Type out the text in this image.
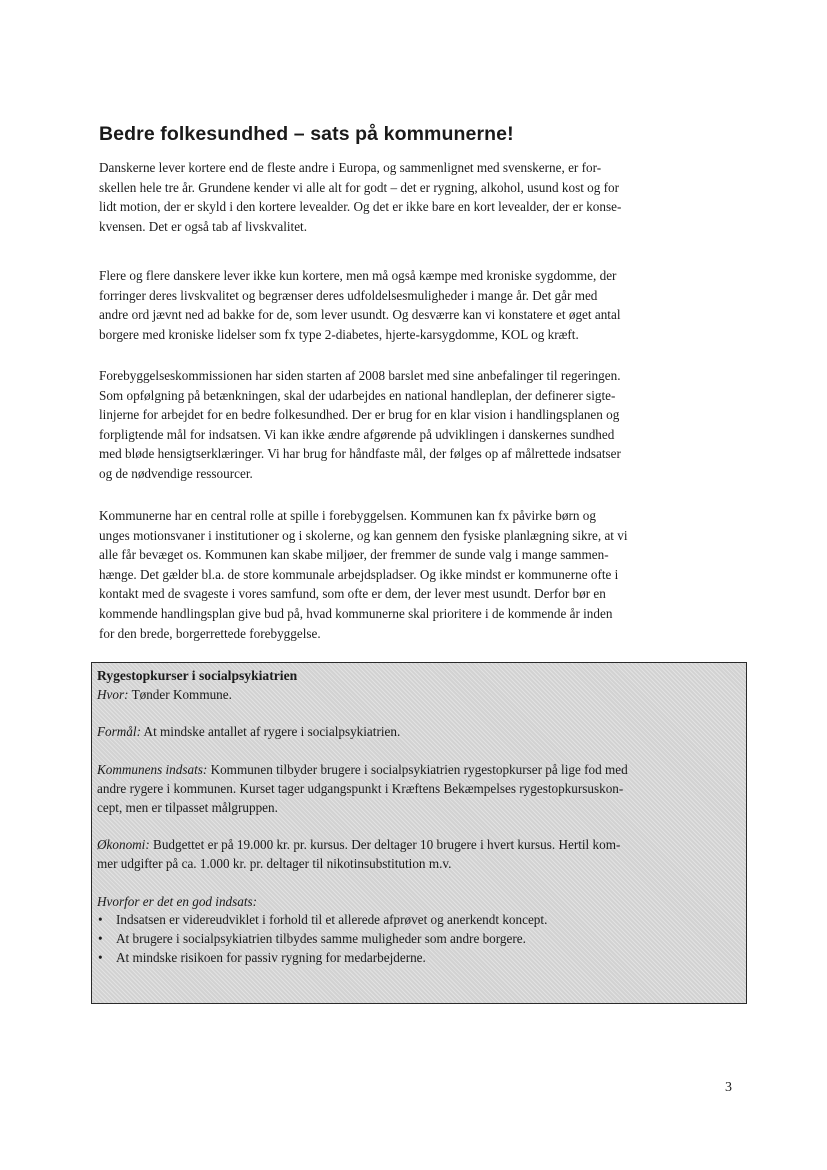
Bedre folkesundhed – sats på kommunerne!

Danskerne lever kortere end de fleste andre i Europa, og sammenlignet med svenskerne, er for-
skellen hele tre år. Grundene kender vi alle alt for godt – det er rygning, alkohol, usund kost og for
lidt motion, der er skyld i den kortere levealder. Og det er ikke bare en kort levealder, der er konse-
kvensen. Det er også tab af livskvalitet.

Flere og flere danskere lever ikke kun kortere, men må også kæmpe med kroniske sygdomme, der
forringer deres livskvalitet og begrænser deres udfoldelsesmuligheder i mange år. Det går med
andre ord jævnt ned ad bakke for de, som lever usundt. Og desværre kan vi konstatere et øget antal
borgere med kroniske lidelser som fx type 2-diabetes, hjerte-karsygdomme, KOL og kræft.

Forebyggelseskommissionen har siden starten af 2008 barslet med sine anbefalinger til regeringen.
Som opfølgning på betænkningen, skal der udarbejdes en national handleplan, der definerer sigte-
linjerne for arbejdet for en bedre folkesundhed. Der er brug for en klar vision i handlingsplanen og
forpligtende mål for indsatsen. Vi kan ikke ændre afgørende på udviklingen i danskernes sundhed
med bløde hensigtserklæringer. Vi har brug for håndfaste mål, der følges op af målrettede indsatser
og de nødvendige ressourcer.

Kommunerne har en central rolle at spille i forebyggelsen. Kommunen kan fx påvirke børn og
unges motionsvaner i institutioner og i skolerne, og kan gennem den fysiske planlægning sikre, at vi
alle får bevæget os. Kommunen kan skabe miljøer, der fremmer de sunde valg i mange sammen-
hænge. Det gælder bl.a. de store kommunale arbejdspladser. Og ikke mindst er kommunerne ofte i
kontakt med de svageste i vores samfund, som ofte er dem, der lever mest usundt. Derfor bør en
kommende handlingsplan give bud på, hvad kommunerne skal prioritere i de kommende år inden
for den brede, borgerrettede forebyggelse.

Rygestopkurser i socialpsykiatrien
Hvor: Tønder Kommune.
Formål: At mindske antallet af rygere i socialpsykiatrien.
Kommunens indsats: Kommunen tilbyder brugere i socialpsykiatrien rygestopkurser på lige fod med
andre rygere i kommunen. Kurset tager udgangspunkt i Kræftens Bekæmpelses rygestopkursuskon-
cept, men er tilpasset målgruppen.
Økonomi: Budgettet er på 19.000 kr. pr. kursus. Der deltager 10 brugere i hvert kursus. Hertil kom-
mer udgifter på ca. 1.000 kr. pr. deltager til nikotinsubstitution m.v.
Hvorfor er det en god indsats:
• Indsatsen er videreudviklet i forhold til et allerede afprøvet og anerkendt koncept.
• At brugere i socialpsykiatrien tilbydes samme muligheder som andre borgere.
• At mindske risikoen for passiv rygning for medarbejderne.
3
